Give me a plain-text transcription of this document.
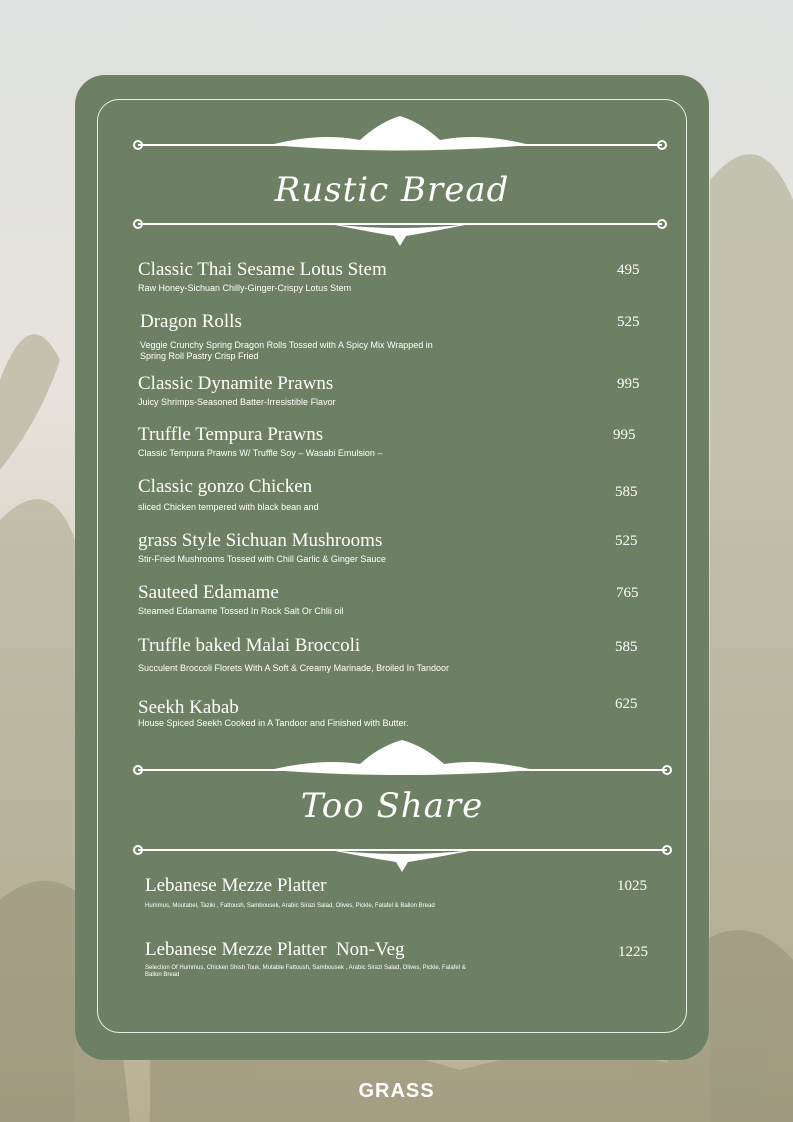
Rustic Bread
Classic Thai Sesame Lotus Stem
Raw Honey-Sichuan Chilly-Ginger-Crispy Lotus Stem
495
Dragon Rolls
Veggie Crunchy Spring Dragon Rolls Tossed with A Spicy Mix Wrapped in Spring Roll Pastry Crisp Fried
525
Classic Dynamite Prawns
Juicy Shrimps-Seasoned Batter-Irresistible Flavor
995
Truffle Tempura Prawns
Classic Tempura Prawns W/ Truffle Soy – Wasabi Emulsion –
995
Classic gonzo Chicken
sliced Chicken tempered with black bean and
585
grass Style Sichuan Mushrooms
Stir-Fried Mushrooms Tossed with Chill Garlic & Ginger Sauce
525
Sauteed Edamame
Steamed Edamame Tossed In Rock Salt Or Chlii oil
765
Truffle baked Malai Broccoli
Succulent Broccoli Florets With A Soft & Creamy Marinade, Broiled In Tandoor
585
Seekh Kabab
House Spiced Seekh Cooked in A Tandoor and Finished with Butter.
625
Too Share
Lebanese Mezze Platter
Hummus, Moutabel, Taziki , Fattoush, Sambousek, Arabic Sirazi Salad, Olives, Pickle, Falafel & Ballon Bread
1025
Lebanese Mezze Platter  Non-Veg
Selection Of Hummus, Chicken Shish Touk, Mutable Fattoush, Sambousek , Arabic Sirazi Salad, Olives, Pickle, Falafel & Ballon Bread
1225
GRASS
